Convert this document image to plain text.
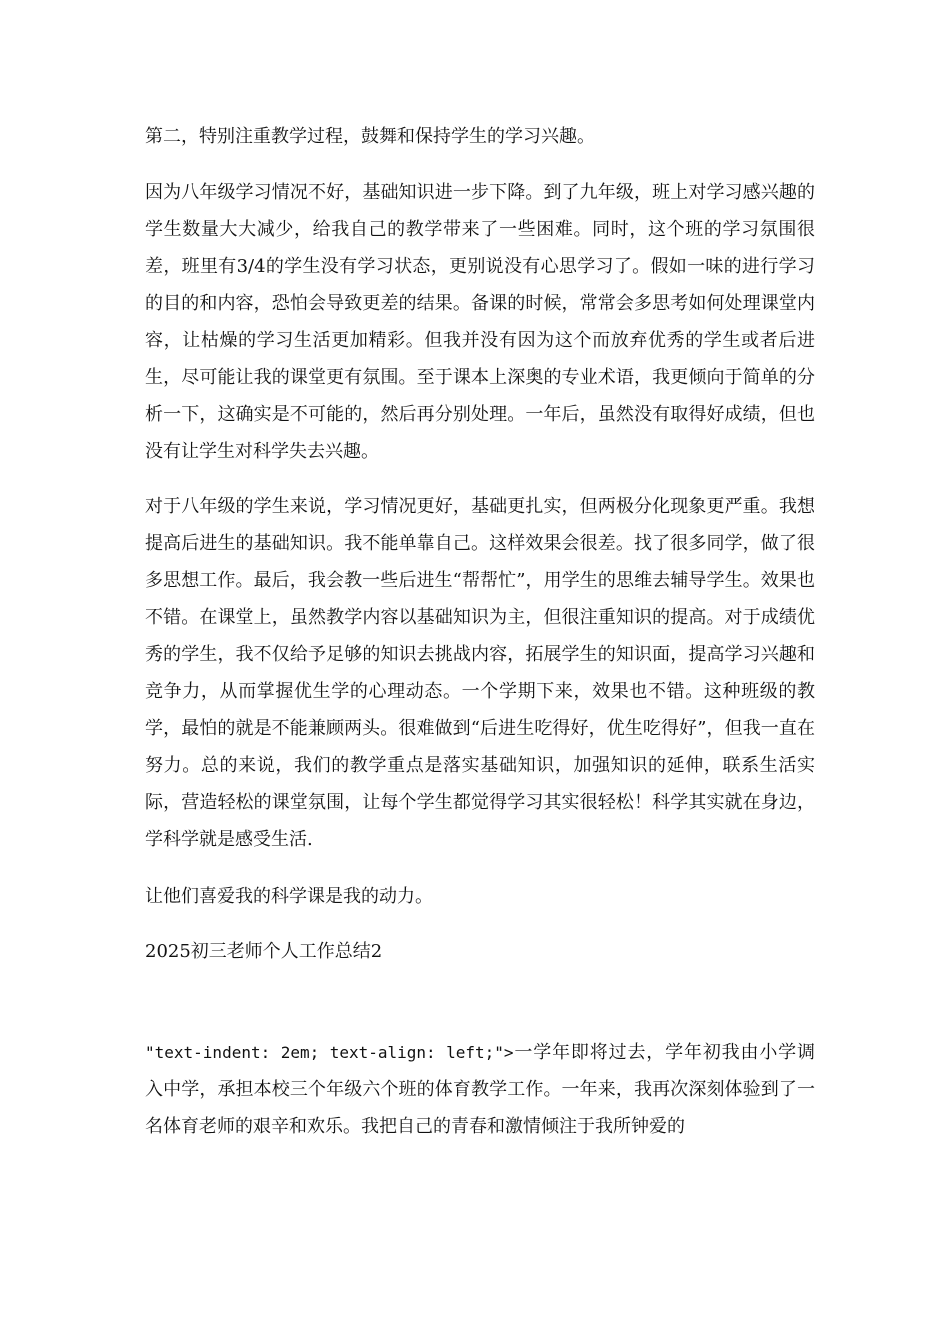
第二，特别注重教学过程，鼓舞和保持学生的学习兴趣。

因为八年级学习情况不好，基础知识进一步下降。到了九年级，班上对学习感兴趣的学生数量大大减少，给我自己的教学带来了一些困难。同时，这个班的学习氛围很差，班里有3/4的学生没有学习状态，更别说没有心思学习了。假如一味的进行学习的目的和内容，恐怕会导致更差的结果。备课的时候，常常会多思考如何处理课堂内容，让枯燥的学习生活更加精彩。但我并没有因为这个而放弃优秀的学生或者后进生，尽可能让我的课堂更有氛围。至于课本上深奥的专业术语，我更倾向于简单的分析一下，这确实是不可能的，然后再分别处理。一年后，虽然没有取得好成绩，但也没有让学生对科学失去兴趣。

对于八年级的学生来说，学习情况更好，基础更扎实，但两极分化现象更严重。我想提高后进生的基础知识。我不能单靠自己。这样效果会很差。找了很多同学，做了很多思想工作。最后，我会教一些后进生“帮帮忙”，用学生的思维去辅导学生。效果也不错。在课堂上，虽然教学内容以基础知识为主，但很注重知识的提高。对于成绩优秀的学生，我不仅给予足够的知识去挑战内容，拓展学生的知识面，提高学习兴趣和竞争力，从而掌握优生学的心理动态。一个学期下来，效果也不错。这种班级的教学，最怕的就是不能兼顾两头。很难做到“后进生吃得好，优生吃得好”，但我一直在努力。总的来说，我们的教学重点是落实基础知识，加强知识的延伸，联系生活实际，营造轻松的课堂氛围，让每个学生都觉得学习其实很轻松！科学其实就在身边，学科学就是感受生活.

让他们喜爱我的科学课是我的动力。

2025初三老师个人工作总结2

"text-indent: 2em; text-align: left;">一学年即将过去，学年初我由小学调入中学，承担本校三个年级六个班的体育教学工作。一年来，我再次深刻体验到了一名体育老师的艰辛和欢乐。我把自己的青春和激情倾注于我所钟爱的
